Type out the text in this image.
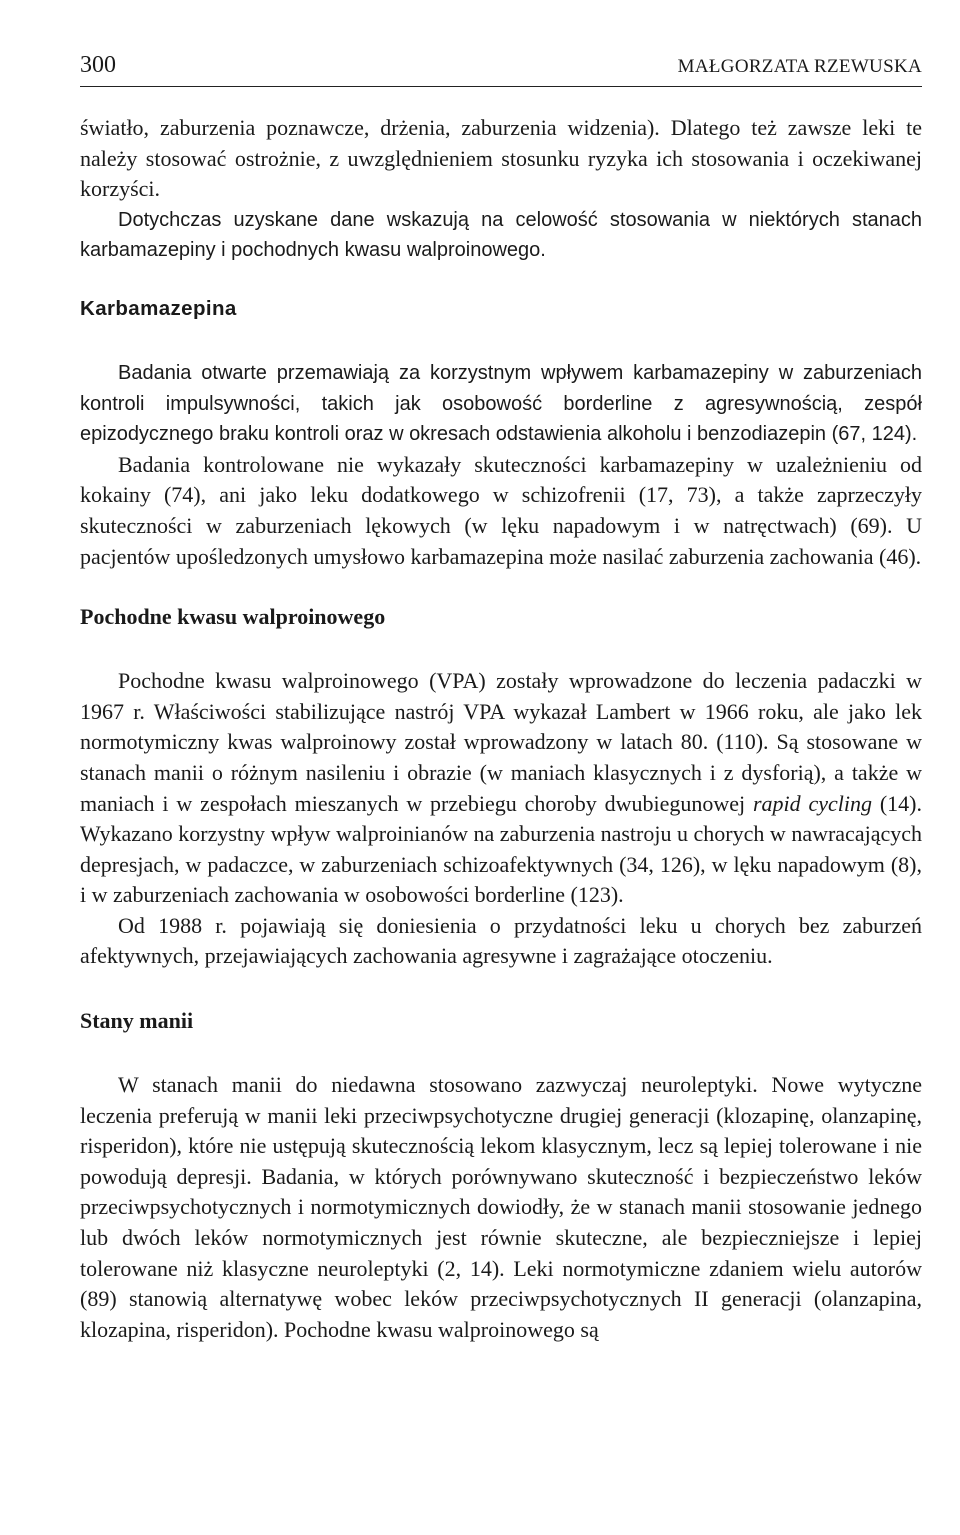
300	MAŁGORZATA RZEWUSKA

światło, zaburzenia poznawcze, drżenia, zaburzenia widzenia). Dlatego też zawsze leki te należy stosować ostrożnie, z uwzględnieniem stosunku ryzyka ich stosowania i oczekiwanej korzyści.

Dotychczas uzyskane dane wskazują na celowość stosowania w niektórych stanach karbamazepiny i pochodnych kwasu walproinowego.

Karbamazepina

Badania otwarte przemawiają za korzystnym wpływem karbamazepiny w zaburzeniach kontroli impulsywności, takich jak osobowość borderline z agresywnością, zespół epizodycznego braku kontroli oraz w okresach odstawienia alkoholu i benzodiazepin (67, 124).

Badania kontrolowane nie wykazały skuteczności karbamazepiny w uzależnieniu od kokainy (74), ani jako leku dodatkowego w schizofrenii (17, 73), a także zaprzeczyły skuteczności w zaburzeniach lękowych (w lęku napadowym i w natręctwach) (69). U pacjentów upośledzonych umysłowo karbamazepina może nasilać zaburzenia zachowania (46).

Pochodne kwasu walproinowego

Pochodne kwasu walproinowego (VPA) zostały wprowadzone do leczenia padaczki w 1967 r. Właściwości stabilizujące nastrój VPA wykazał Lambert w 1966 roku, ale jako lek normotymiczny kwas walproinowy został wprowadzony w latach 80. (110). Są stosowane w stanach manii o różnym nasileniu i obrazie (w maniach klasycznych i z dysforią), a także w maniach i w zespołach mieszanych w przebiegu choroby dwubiegunowej rapid cycling (14). Wykazano korzystny wpływ walproinianów na zaburzenia nastroju u chorych w nawracających depresjach, w padaczce, w zaburzeniach schizoafektywnych (34, 126), w lęku napadowym (8), i w zaburzeniach zachowania w osobowości borderline (123).

Od 1988 r. pojawiają się doniesienia o przydatności leku u chorych bez zaburzeń afektywnych, przejawiających zachowania agresywne i zagrażające otoczeniu.

Stany manii

W stanach manii do niedawna stosowano zazwyczaj neuroleptyki. Nowe wytyczne leczenia preferują w manii leki przeciwpsychotyczne drugiej generacji (klozapinę, olanzapinę, risperidon), które nie ustępują skutecznością lekom klasycznym, lecz są lepiej tolerowane i nie powodują depresji. Badania, w których porównywano skuteczność i bezpieczeństwo leków przeciwpsychotycznych i normotymicznych dowiodły, że w stanach manii stosowanie jednego lub dwóch leków normotymicznych jest równie skuteczne, ale bezpieczniejsze i lepiej tolerowane niż klasyczne neuroleptyki (2, 14). Leki normotymiczne zdaniem wielu autorów (89) stanowią alternatywę wobec leków przeciwpsychotycznych II generacji (olanzapina, klozapina, risperidon). Pochodne kwasu walproinowego są
